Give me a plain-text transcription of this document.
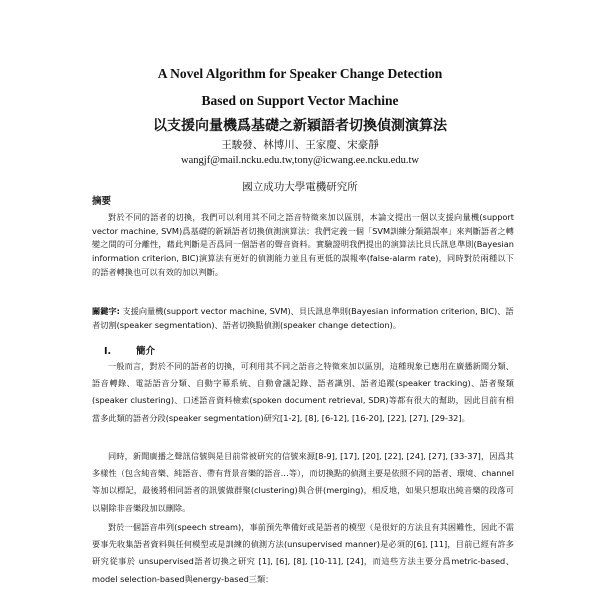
A Novel Algorithm for Speaker Change Detection
Based on Support Vector Machine
以支援向量機爲基礎之新穎語者切換偵測演算法
王駿發、林博川、王家慶、宋豪靜
wangjf@mail.ncku.edu.tw,tony@icwang.ee.ncku.edu.tw
國立成功大學電機研究所
摘要

對於不同的語者的切換，我們可以利用其不同之語音特徵來加以區別，本論文提出一個以支援向量機(support vector machine, SVM)爲基礎的新穎語者切換偵測演算法：我們定義一個「SVM訓練分類錯誤率」來判斷語者之轉變之間的可分離性，藉此判斷是否爲同一個語者的聲音資料。實驗證明我們提出的演算法比貝氏訊息準則(Bayesian information criterion, BIC)演算法有更好的偵測能力並且有更低的誤報率(false-alarm rate)，同時對於兩種以下的語者轉換也可以有效的加以判斷。

關鍵字: 支援向量機(support vector machine, SVM)、貝氏訊息準則(Bayesian information criterion, BIC)、語者切割(speaker segmentation)、語者切換點偵測(speaker change detection)。
I.	簡介

一般而言，對於不同的語者的切換，可利用其不同之語音之特徵來加以區別，這種現象已應用在廣播新聞分類、語音轉錄、電話語音分類、自動字幕系統、自動會議記錄、語者識別、語者追蹤(speaker tracking)、語者聚類(speaker clustering)、口述語音資料檢索(spoken document retrieval, SDR)等都有很大的幫助，因此目前有相當多此類的語者分段(speaker segmentation)研究[1-2], [8], [6-12], [16-20], [22], [27], [29-32]。

同時，新聞廣播之聲訊信號與是目前常被研究的信號來源[8-9], [17], [20], [22], [24], [27], [33-37]，因爲其多樣性（包含純音樂、純語音、帶有背景音樂的語音…等），而切換點的偵測主要是依照不同的語者、環境、channel等加以標記，最後將相同語者的訊號做群聚(clustering)與合併(merging)，相反地，如果只想取出純音樂的段落可以剔除非音樂段加以刪除。

對於一個語音串列(speech stream)，事前預先準備好或是語者的模型（是很好的方法且有其困難性，因此不需要事先收集語者資料與任何模型或是訓練的偵測方法(unsupervised manner)是必須的[6], [11]，目前已經有許多研究從事於 unsupervised語者切換之研究 [1], [6], [8], [10-11], [24]，而這些方法主要分爲metric-based、model selection-based與energy-based三類：
